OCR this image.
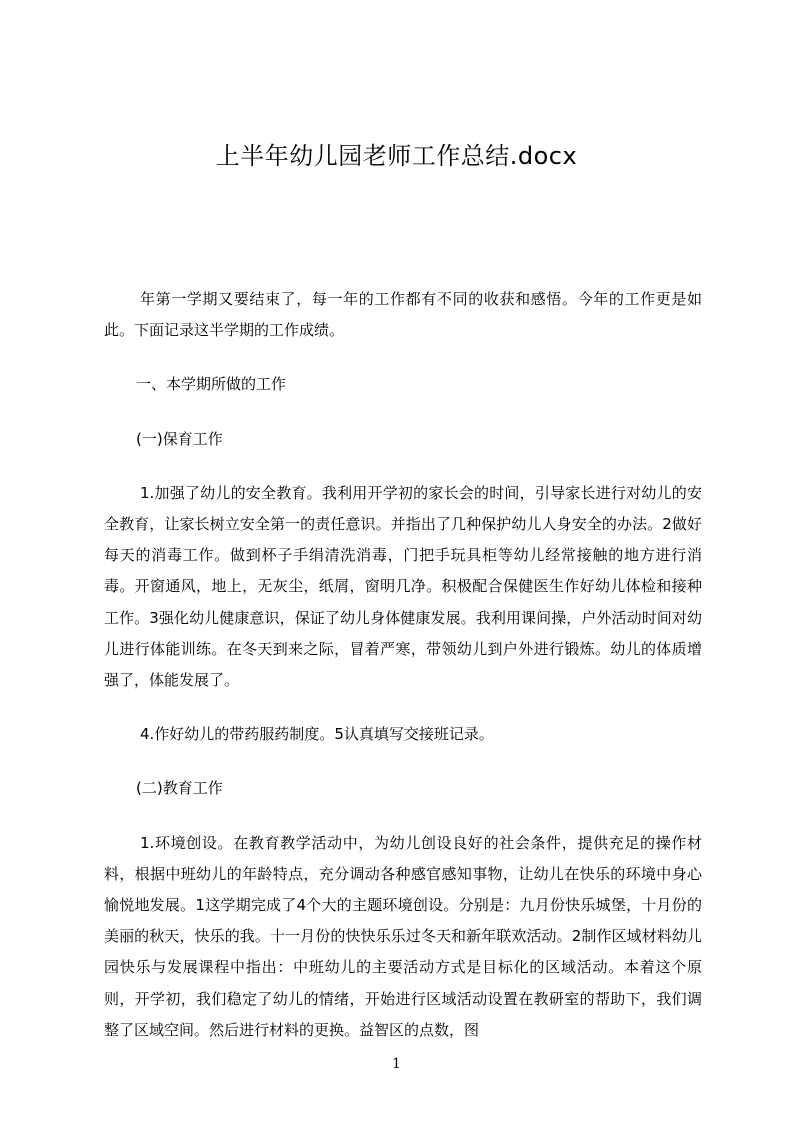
上半年幼儿园老师工作总结.docx

年第一学期又要结束了，每一年的工作都有不同的收获和感悟。今年的工作更是如此。下面记录这半学期的工作成绩。

一、本学期所做的工作

(一)保育工作

1.加强了幼儿的安全教育。我利用开学初的家长会的时间，引导家长进行对幼儿的安全教育，让家长树立安全第一的责任意识。并指出了几种保护幼儿人身安全的办法。2做好每天的消毒工作。做到杯子手绢清洗消毒，门把手玩具柜等幼儿经常接触的地方进行消毒。开窗通风，地上，无灰尘，纸屑，窗明几净。积极配合保健医生作好幼儿体检和接种工作。3强化幼儿健康意识，保证了幼儿身体健康发展。我利用课间操，户外活动时间对幼儿进行体能训练。在冬天到来之际，冒着严寒，带领幼儿到户外进行锻炼。幼儿的体质增强了，体能发展了。

4.作好幼儿的带药服药制度。5认真填写交接班记录。

(二)教育工作

1.环境创设。在教育教学活动中，为幼儿创设良好的社会条件，提供充足的操作材料，根据中班幼儿的年龄特点，充分调动各种感官感知事物，让幼儿在快乐的环境中身心愉悦地发展。1这学期完成了4个大的主题环境创设。分别是：九月份快乐城堡，十月份的美丽的秋天，快乐的我。十一月份的快快乐乐过冬天和新年联欢活动。2制作区域材料幼儿园快乐与发展课程中指出：中班幼儿的主要活动方式是目标化的区域活动。本着这个原则，开学初，我们稳定了幼儿的情绪，开始进行区域活动设置在教研室的帮助下，我们调整了区域空间。然后进行材料的更换。益智区的点数，图

1
